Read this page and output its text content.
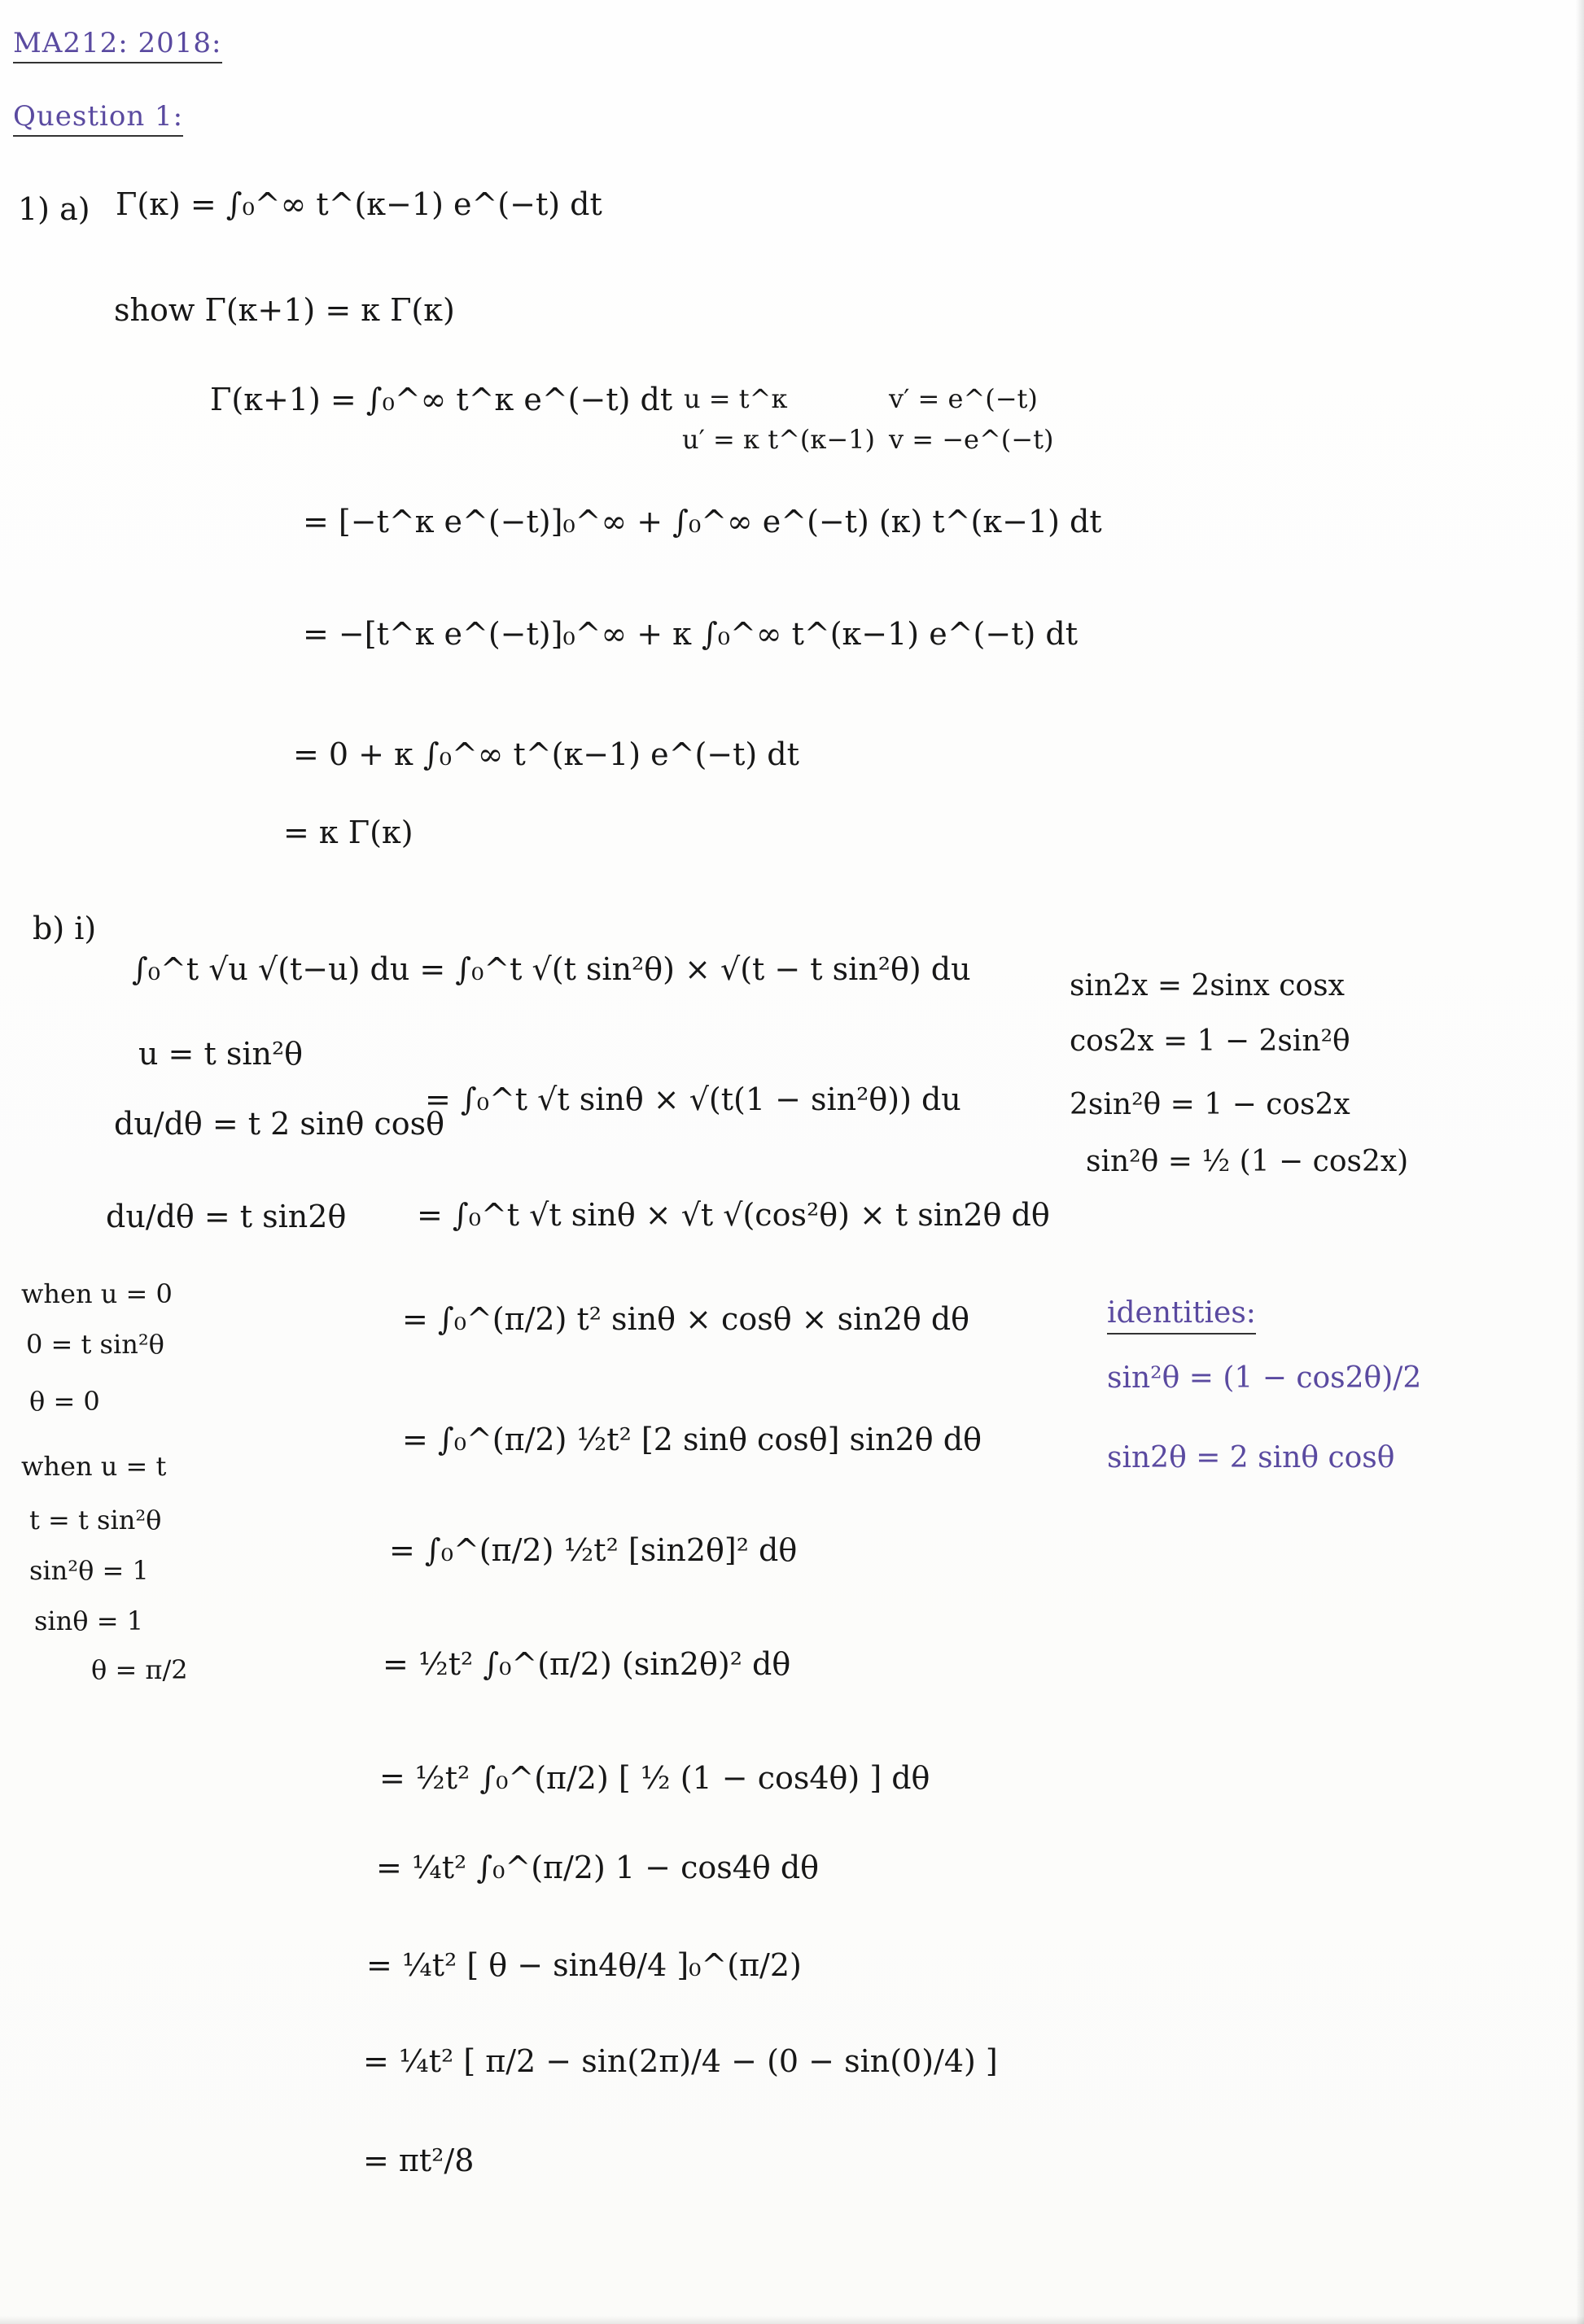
MA212: 2018:
Question 1:
1) a) Γ(κ) = ∫₀^∞ t^(κ−1) e^(−t) dt
show Γ(κ+1) = κ Γ(κ)
Γ(κ+1) = ∫₀^∞ t^κ e^(−t) dt u = t^κ
u′ = κ t^(κ−1)
v′ = e^(−t)
v = −e^(−t)
= [−t^κ e^(−t)]₀^∞ + ∫₀^∞ e^(−t) (κ) t^(κ−1) dt
= −[t^κ e^(−t)]₀^∞ + κ ∫₀^∞ t^(κ−1) e^(−t) dt
= 0 + κ ∫₀^∞ t^(κ−1) e^(−t) dt
= κ Γ(κ)
b) i)
∫₀^t √u √(t−u) du = ∫₀^t √(t sin²θ) × √(t − t sin²θ) du
u = t sin²θ
du/dθ = t 2 sinθ cosθ
du/dθ = t sin2θ
= ∫₀^t √t sinθ × √(t(1 − sin²θ)) du
= ∫₀^t √t sinθ × √t √(cos²θ) × t sin2θ dθ
when u = 0
0 = t sin²θ
θ = 0
when u = t
t = t sin²θ
sin²θ = 1
sinθ = 1
θ = π/2
= ∫₀^(π/2) t² sinθ × cosθ × sin2θ dθ
= ∫₀^(π/2) ½t² [2 sinθ cosθ] sin2θ dθ
= ∫₀^(π/2) ½t² [sin2θ]² dθ
= ½t² ∫₀^(π/2) (sin2θ)² dθ
= ½t² ∫₀^(π/2) [ ½ (1 − cos4θ) ] dθ
= ¼t² ∫₀^(π/2) 1 − cos4θ dθ
= ¼t² [ θ − sin4θ/4 ]₀^(π/2)
= ¼t² [ π/2 − sin(2π)/4 − (0 − sin(0)/4) ]
= πt²/8
sin2x = 2sinx cosx
cos2x = 1 − 2sin²θ
2sin²θ = 1 − cos2x
sin²θ = ½ (1 − cos2x)
identities:
sin²θ = (1 − cos2θ)/2
sin2θ = 2 sinθ cosθ
